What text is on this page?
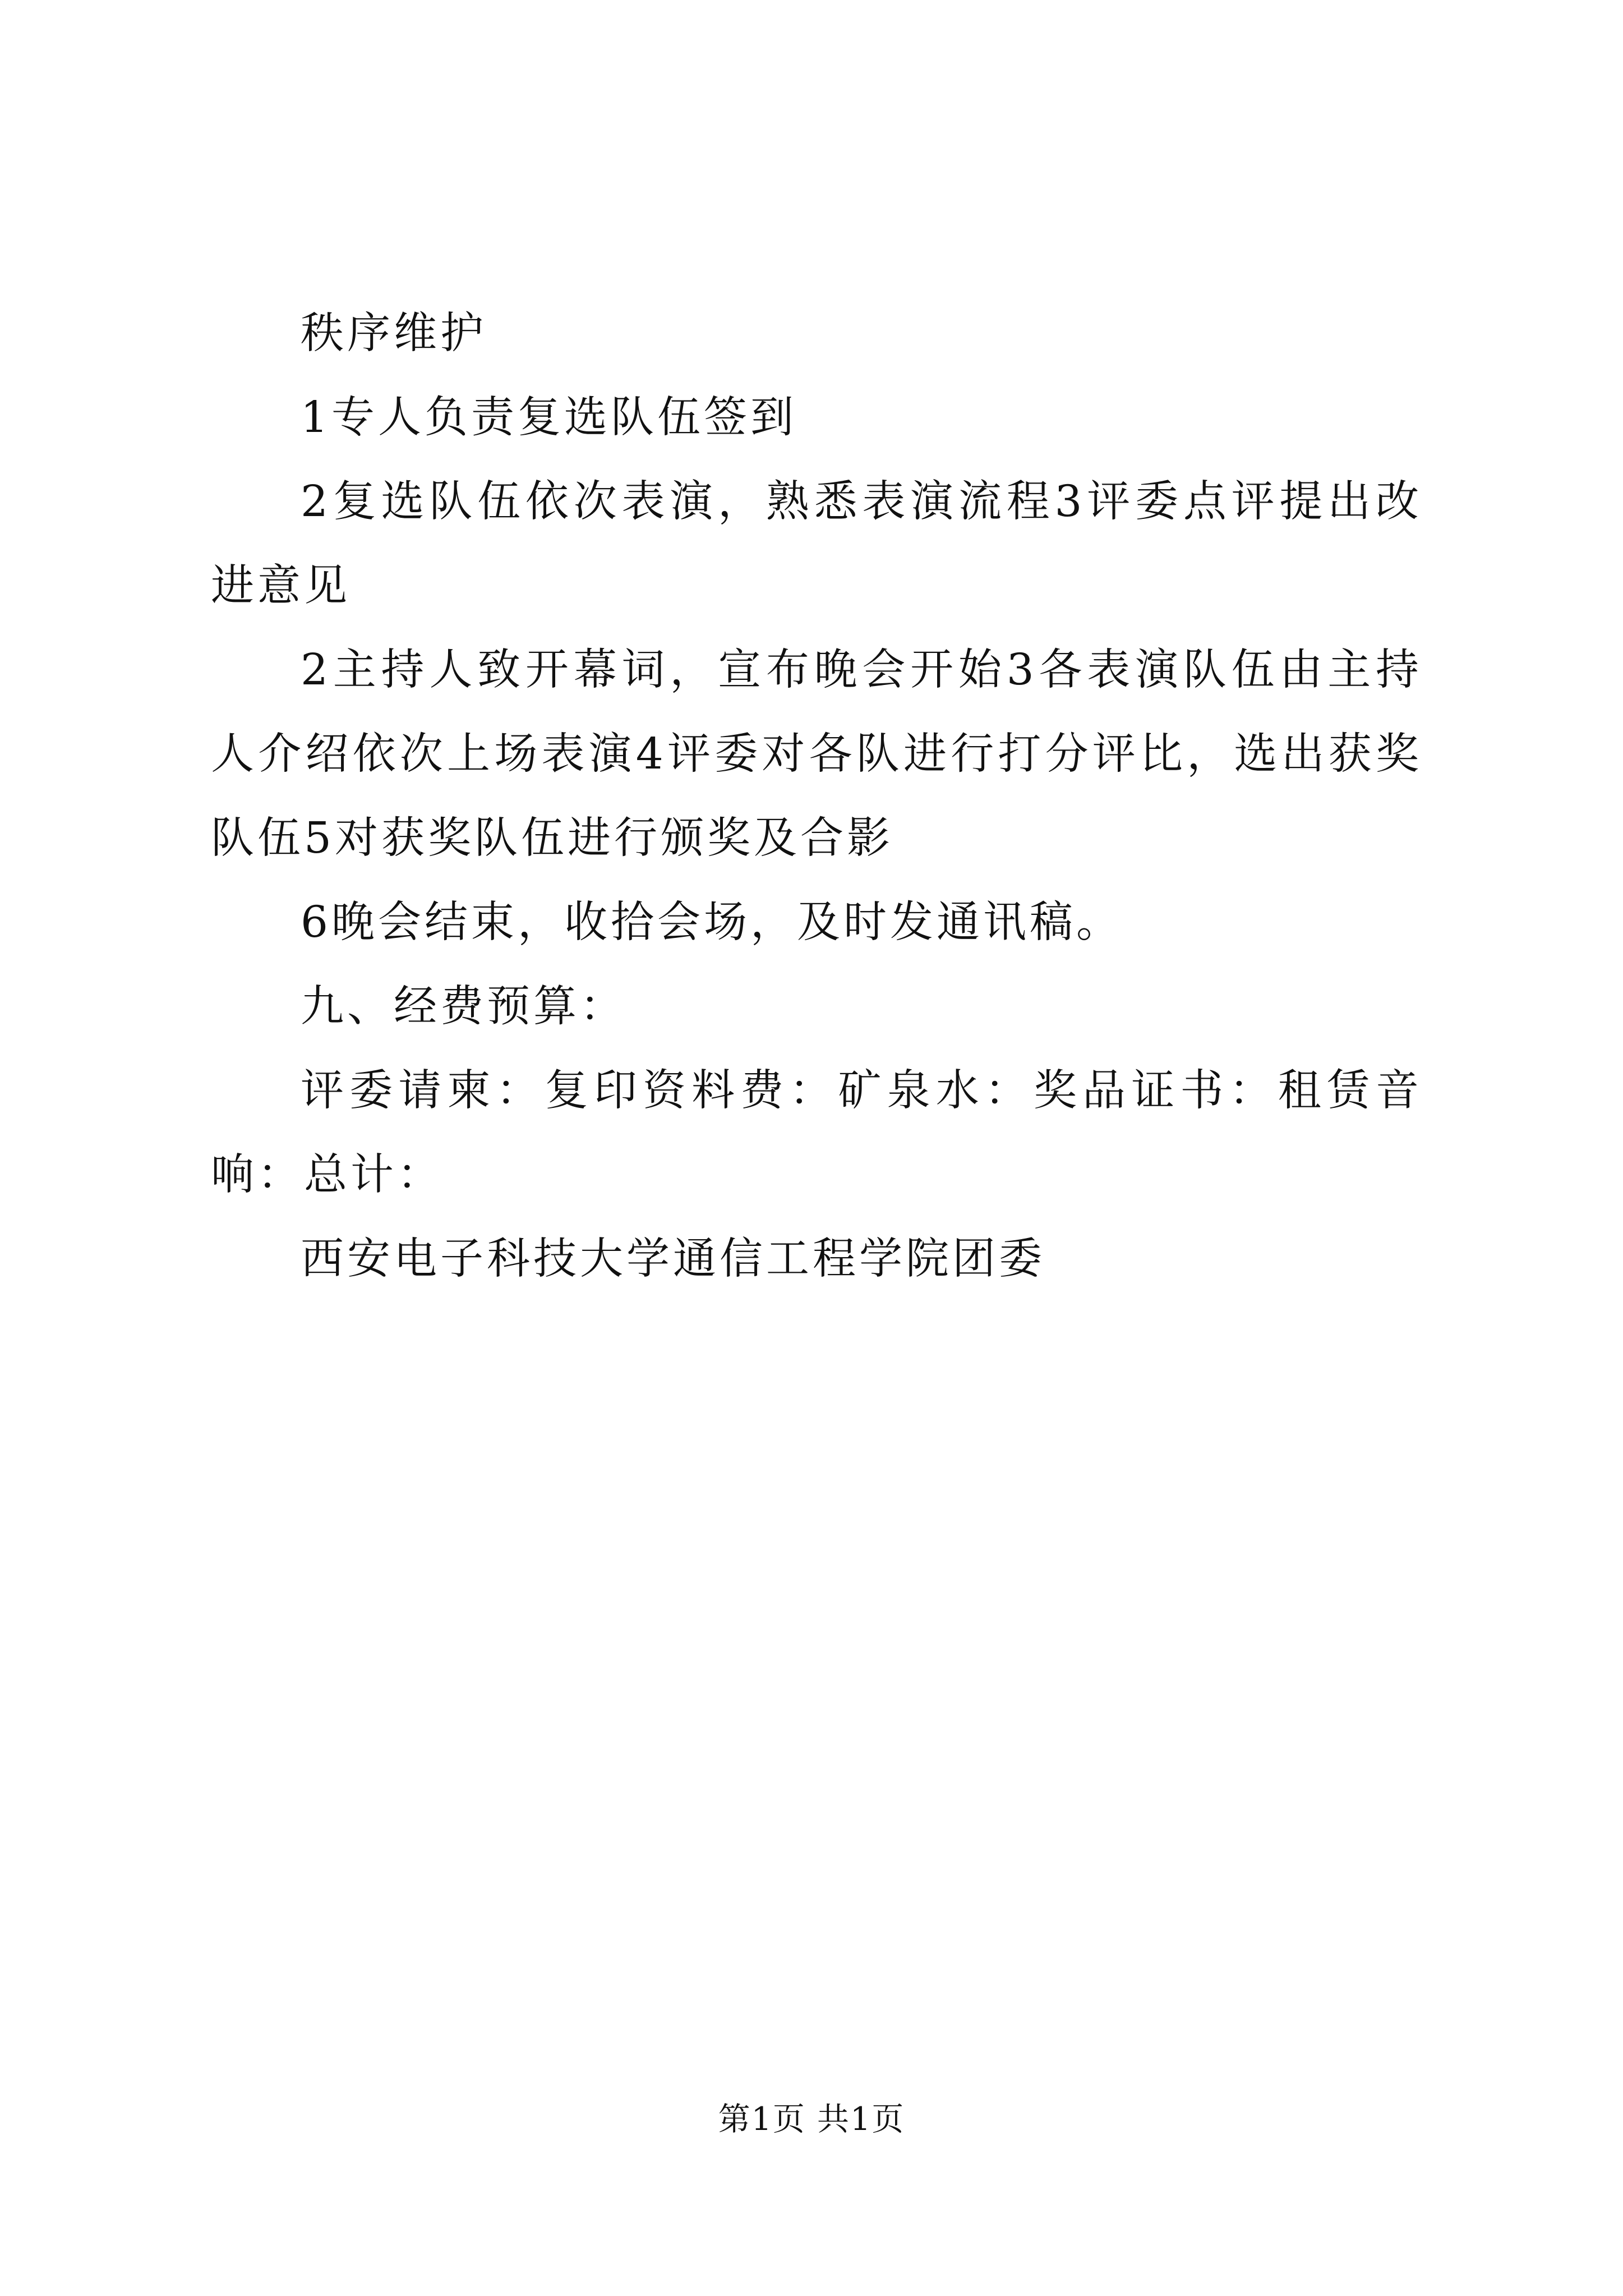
秩序维护

1专人负责复选队伍签到

2复选队伍依次表演，熟悉表演流程3评委点评提出改进意见

2主持人致开幕词，宣布晚会开始3各表演队伍由主持人介绍依次上场表演4评委对各队进行打分评比，选出获奖队伍5对获奖队伍进行颁奖及合影

6晚会结束，收拾会场，及时发通讯稿。

九、经费预算：

评委请柬：复印资料费：矿泉水：奖品证书：租赁音响：总计：

西安电子科技大学通信工程学院团委

第1页 共1页
